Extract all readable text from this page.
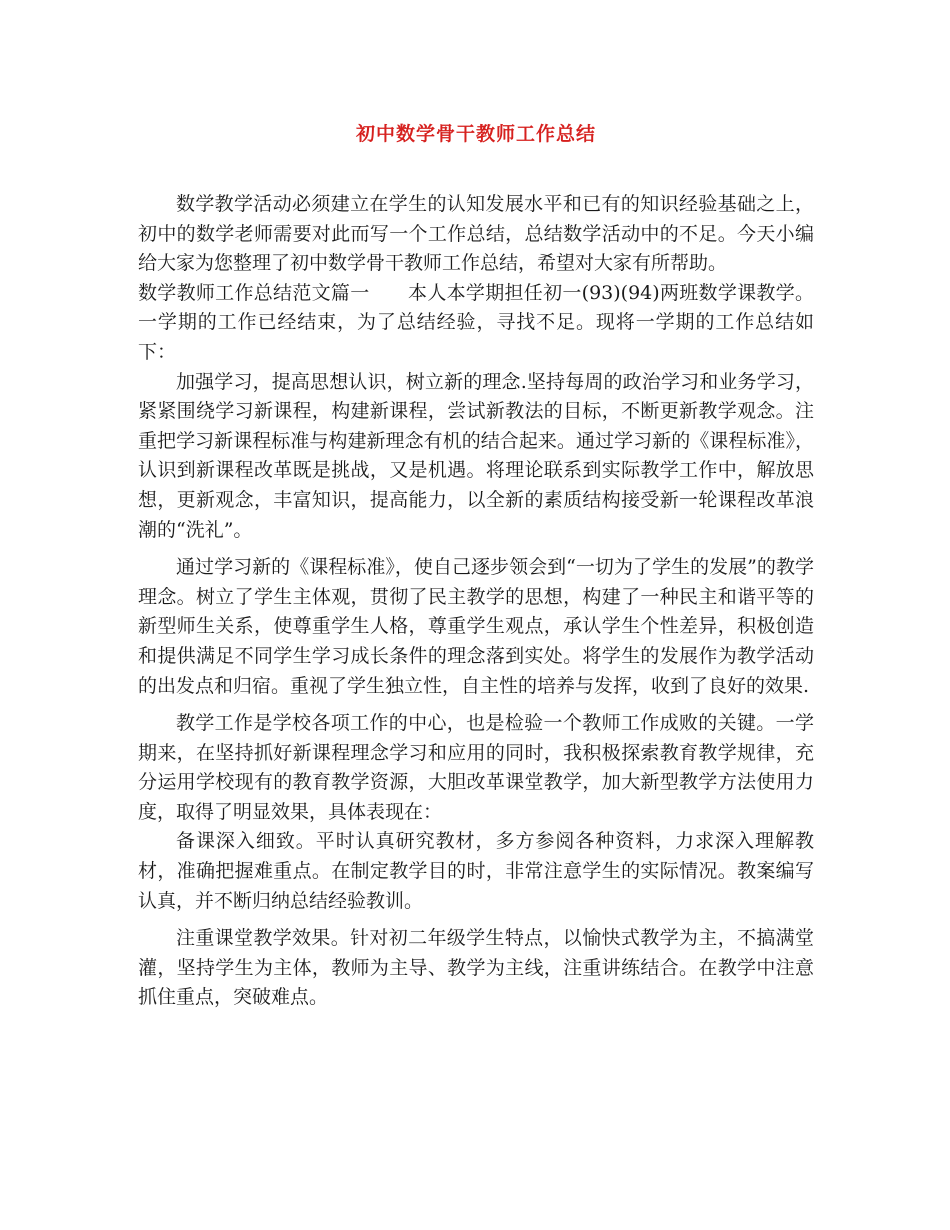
初中数学骨干教师工作总结

数学教学活动必须建立在学生的认知发展水平和已有的知识经验基础之上，初中的数学老师需要对此而写一个工作总结，总结数学活动中的不足。今天小编给大家为您整理了初中数学骨干教师工作总结，希望对大家有所帮助。

数学教师工作总结范文篇一　　本人本学期担任初一(93)(94)两班数学课教学。一学期的工作已经结束，为了总结经验，寻找不足。现将一学期的工作总结如下：

加强学习，提高思想认识，树立新的理念.坚持每周的政治学习和业务学习，紧紧围绕学习新课程，构建新课程，尝试新教法的目标，不断更新教学观念。注重把学习新课程标准与构建新理念有机的结合起来。通过学习新的《课程标准》，认识到新课程改革既是挑战，又是机遇。将理论联系到实际教学工作中，解放思想，更新观念，丰富知识，提高能力，以全新的素质结构接受新一轮课程改革浪潮的“洗礼”。

通过学习新的《课程标准》，使自己逐步领会到“一切为了学生的发展”的教学理念。树立了学生主体观，贯彻了民主教学的思想，构建了一种民主和谐平等的新型师生关系，使尊重学生人格，尊重学生观点，承认学生个性差异，积极创造和提供满足不同学生学习成长条件的理念落到实处。将学生的发展作为教学活动的出发点和归宿。重视了学生独立性，自主性的培养与发挥，收到了良好的效果.

教学工作是学校各项工作的中心，也是检验一个教师工作成败的关键。一学期来，在坚持抓好新课程理念学习和应用的同时，我积极探索教育教学规律，充分运用学校现有的教育教学资源，大胆改革课堂教学，加大新型教学方法使用力度，取得了明显效果，具体表现在：

备课深入细致。平时认真研究教材，多方参阅各种资料，力求深入理解教材，准确把握难重点。在制定教学目的时，非常注意学生的实际情况。教案编写认真，并不断归纳总结经验教训。

注重课堂教学效果。针对初二年级学生特点，以愉快式教学为主，不搞满堂灌，坚持学生为主体，教师为主导、教学为主线，注重讲练结合。在教学中注意抓住重点，突破难点。
